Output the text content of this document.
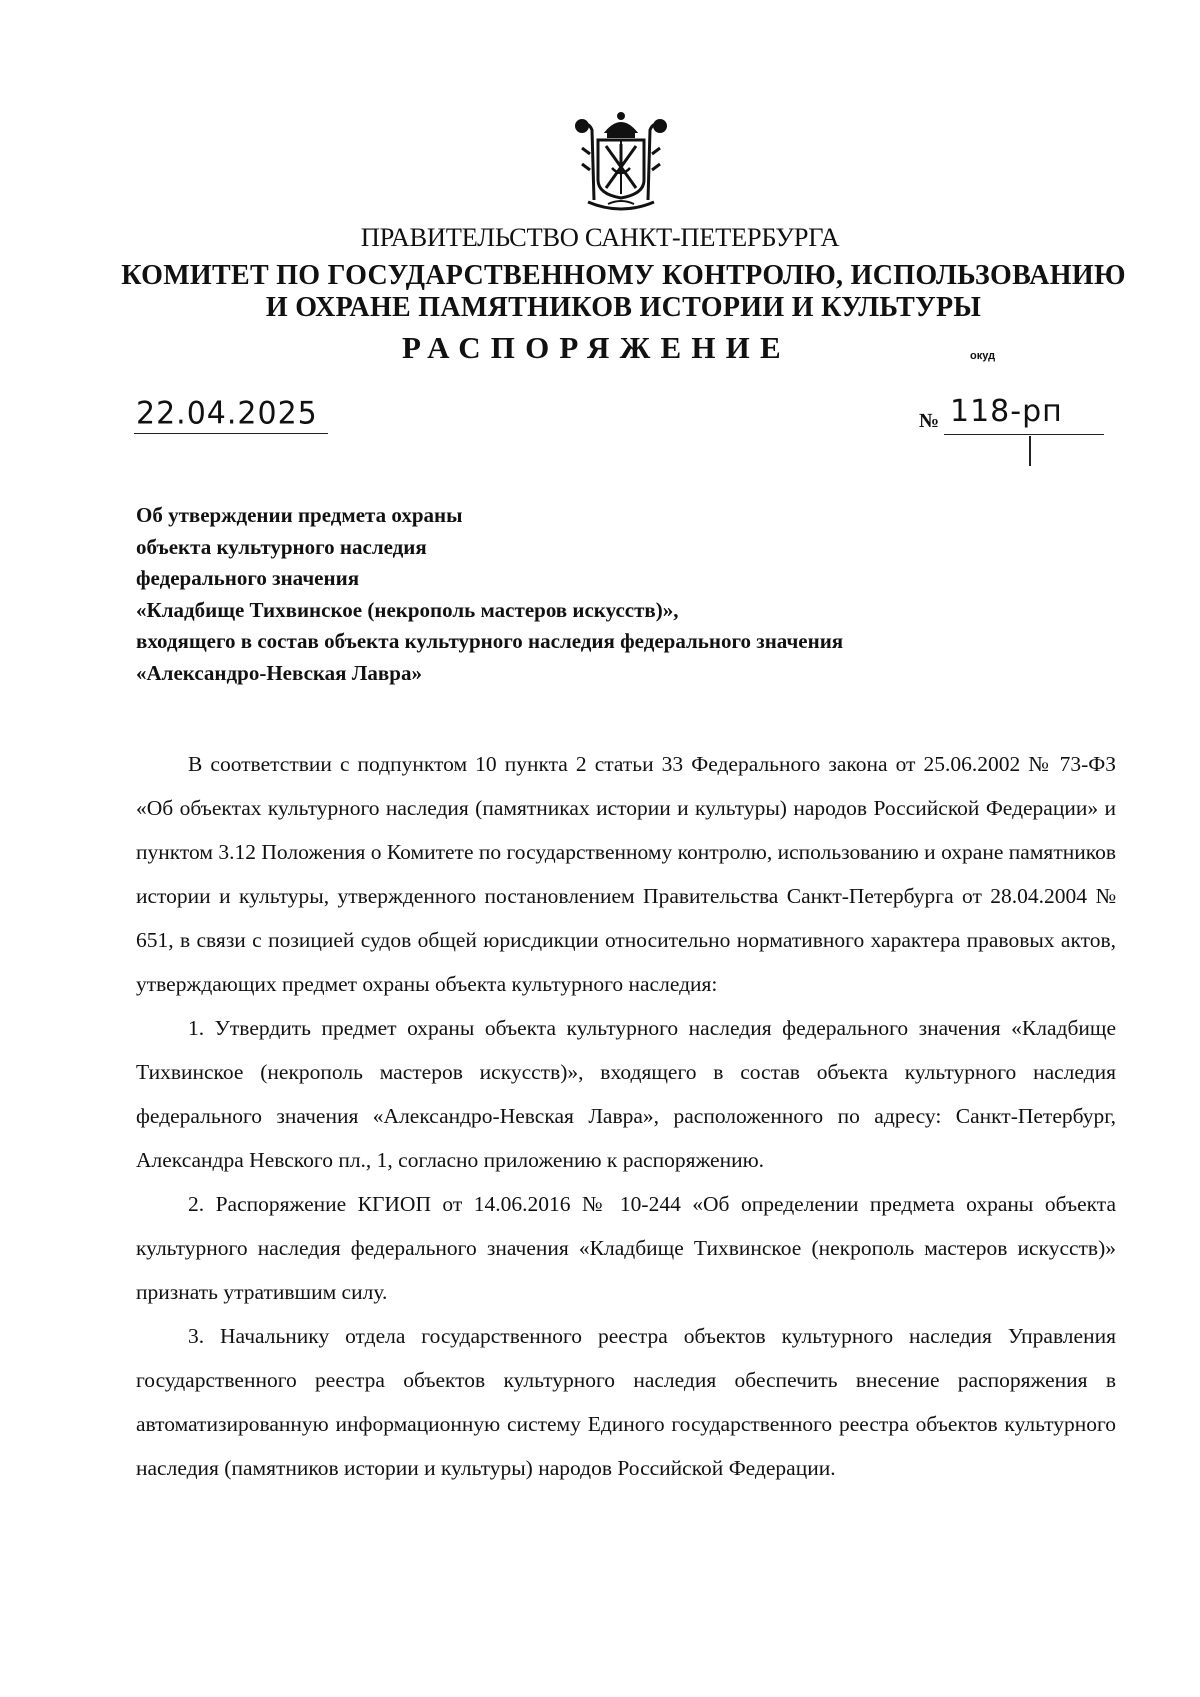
ПРАВИТЕЛЬСТВО САНКТ-ПЕТЕРБУРГА
КОМИТЕТ ПО ГОСУДАРСТВЕННОМУ КОНТРОЛЮ, ИСПОЛЬЗОВАНИЮ
И ОХРАНЕ ПАМЯТНИКОВ ИСТОРИИ И КУЛЬТУРЫ
РАСПОРЯЖЕНИЕ	окуд
22.04.2025	№ 118-рп
Об утверждении предмета охраны
объекта культурного наследия
федерального значения
«Кладбище Тихвинское (некрополь мастеров искусств)»,
входящего в состав объекта культурного наследия федерального значения
«Александро-Невская Лавра»

В соответствии с подпунктом 10 пункта 2 статьи 33 Федерального закона от 25.06.2002 № 73-ФЗ «Об объектах культурного наследия (памятниках истории и культуры) народов Российской Федерации» и пунктом 3.12 Положения о Комитете по государственному контролю, использованию и охране памятников истории и культуры, утвержденного постановлением Правительства Санкт-Петербурга от 28.04.2004 № 651, в связи с позицией судов общей юрисдикции относительно нормативного характера правовых актов, утверждающих предмет охраны объекта культурного наследия:

1. Утвердить предмет охраны объекта культурного наследия федерального значения «Кладбище Тихвинское (некрополь мастеров искусств)», входящего в состав объекта культурного наследия федерального значения «Александро-Невская Лавра», расположенного по адресу: Санкт-Петербург, Александра Невского пл., 1, согласно приложению к распоряжению.

2. Распоряжение КГИОП от 14.06.2016 № 10-244 «Об определении предмета охраны объекта культурного наследия федерального значения «Кладбище Тихвинское (некрополь мастеров искусств)» признать утратившим силу.

3. Начальнику отдела государственного реестра объектов культурного наследия Управления государственного реестра объектов культурного наследия обеспечить внесение распоряжения в автоматизированную информационную систему Единого государственного реестра объектов культурного наследия (памятников истории и культуры) народов Российской Федерации.
